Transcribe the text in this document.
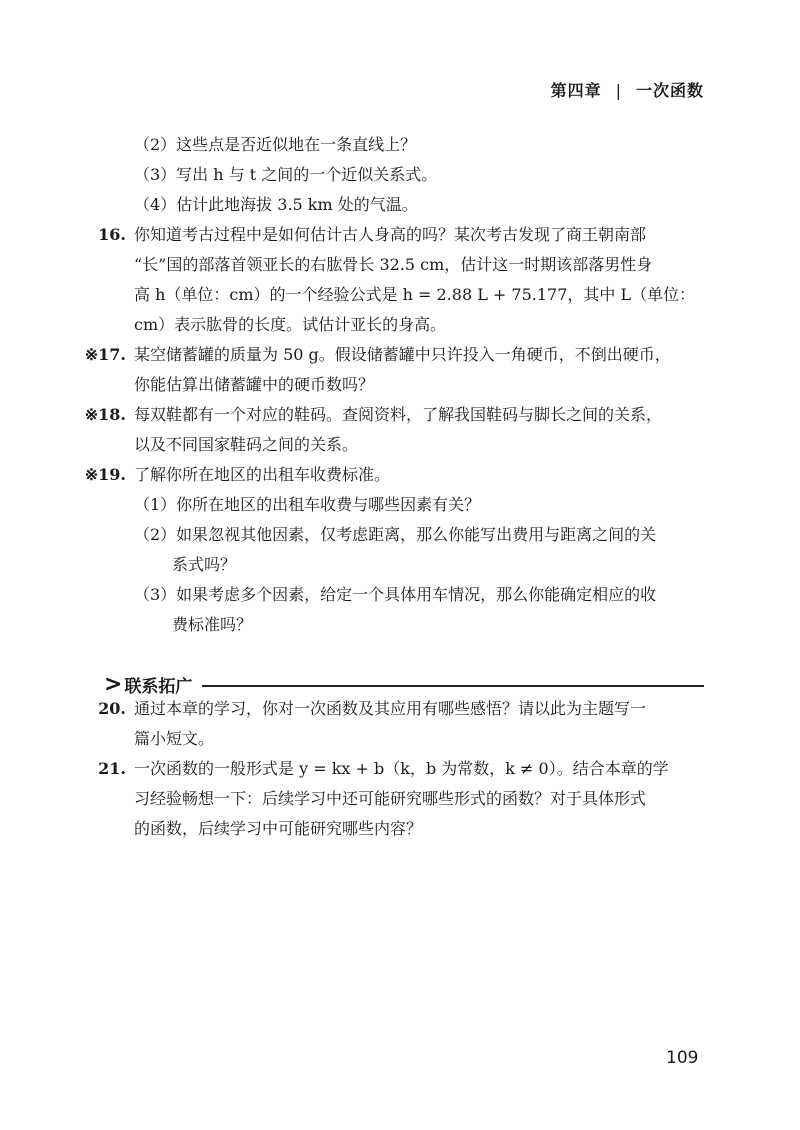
第四章 | 一次函数
（2）这些点是否近似地在一条直线上？
（3）写出 h 与 t 之间的一个近似关系式。
（4）估计此地海拔 3.5 km 处的气温。
16. 你知道考古过程中是如何估计古人身高的吗？某次考古发现了商王朝南部
“长”国的部落首领亚长的右肱骨长 32.5 cm，估计这一时期该部落男性身
高 h（单位：cm）的一个经验公式是 h = 2.88 L + 75.177，其中 L（单位：
cm）表示肱骨的长度。试估计亚长的身高。
※17. 某空储蓄罐的质量为 50 g。假设储蓄罐中只许投入一角硬币，不倒出硬币，
你能估算出储蓄罐中的硬币数吗？
※18. 每双鞋都有一个对应的鞋码。查阅资料，了解我国鞋码与脚长之间的关系，
以及不同国家鞋码之间的关系。
※19. 了解你所在地区的出租车收费标准。
（1）你所在地区的出租车收费与哪些因素有关？
（2）如果忽视其他因素，仅考虑距离，那么你能写出费用与距离之间的关
系式吗？
（3）如果考虑多个因素，给定一个具体用车情况，那么你能确定相应的收
费标准吗？
20. 通过本章的学习，你对一次函数及其应用有哪些感悟？请以此为主题写一
篇小短文。
21. 一次函数的一般形式是 y = kx + b（k，b 为常数，k ≠ 0）。结合本章的学
习经验畅想一下：后续学习中还可能研究哪些形式的函数？对于具体形式
的函数，后续学习中可能研究哪些内容？
> 联系拓广
109
